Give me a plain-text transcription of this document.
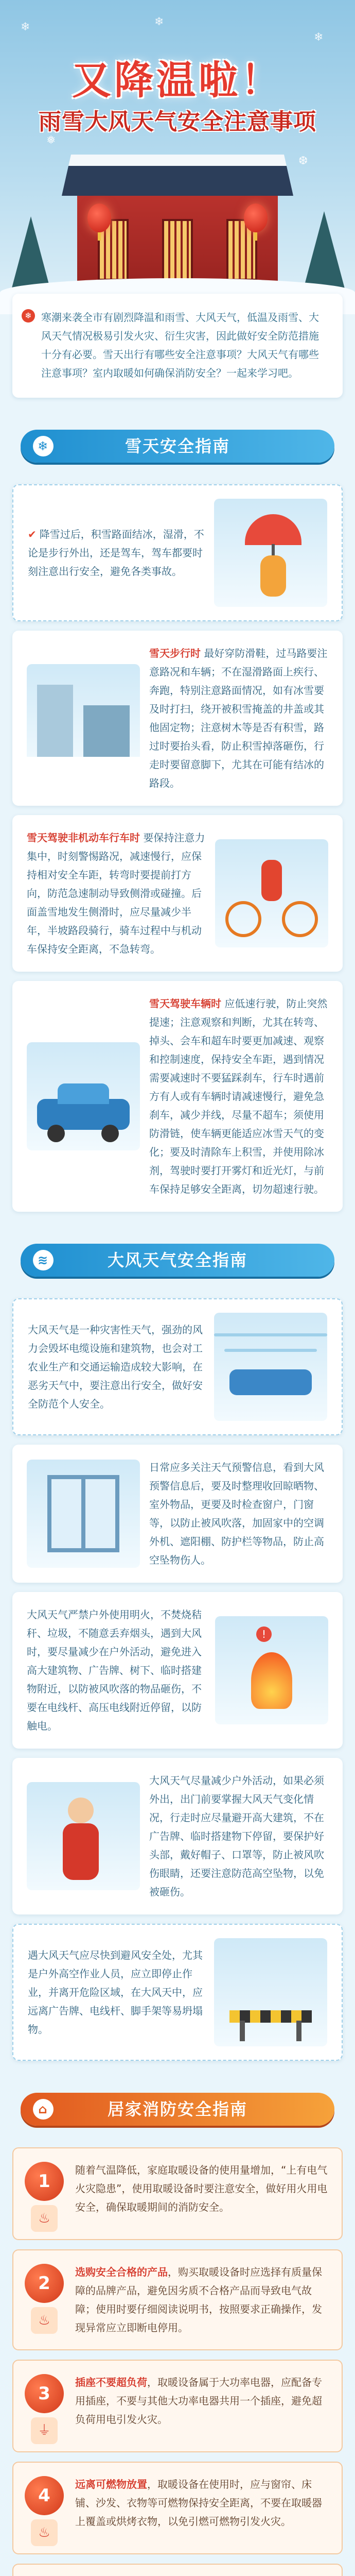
❄
❄
❅
❆
❄
又降温啦！
雨雪大风天气安全注意事项
❄ 寒潮来袭全市有剧烈降温和雨雪、大风天气，低温及雨雪、大风天气情况极易引发火灾、衍生灾害，因此做好安全防范措施十分有必要。雪天出行有哪些安全注意事项？大风天气有哪些注意事项？室内取暖如何确保消防安全？一起来学习吧。

❄	雪天安全指南

✔ 降雪过后，积雪路面结冰，湿滑，不论是步行外出，还是驾车，驾车都要时刻注意出行安全，避免各类事故。

雪天步行时 最好穿防滑鞋，过马路要注意路况和车辆；不在湿滑路面上疾行、奔跑，特别注意路面情况，如有冰雪要及时打扫，绕开被积雪掩盖的井盖或其他固定物；注意树木等是否有积雪，路过时要抬头看，防止积雪掉落砸伤，行走时要留意脚下，尤其在可能有结冰的路段。

雪天驾驶非机动车行车时 要保持注意力集中，时刻警惕路况，减速慢行，应保持相对安全车距，转弯时要提前打方向，防范急速制动导致侧滑或碰撞。后面盖雪地发生侧滑时，应尽量减少半年，半坡路段骑行，骑车过程中与机动车保持安全距离，不急转弯。

雪天驾驶车辆时 应低速行驶，防止突然提速；注意观察和判断，尤其在转弯、掉头、会车和超车时要更加减速、观察和控制速度，保持安全车距，遇到情况需要减速时不要猛踩刹车，行车时遇前方有人或有车辆时请减速慢行，避免急刹车，减少并线，尽量不超车；须使用防滑链，使车辆更能适应冰雪天气的变化；要及时清除车上积雪，并使用除冰剂，驾驶时要打开雾灯和近光灯，与前车保持足够安全距离，切勿超速行驶。

≋	大风天气安全指南

大风天气是一种灾害性天气，强劲的风力会毁坏电缆设施和建筑物，也会对工农业生产和交通运输造成较大影响，在恶劣天气中，要注意出行安全，做好安全防范个人安全。

日常应多关注天气预警信息，看到大风预警信息后，要及时整理收回晾晒物、室外物品，更要及时检查窗户，门窗等，以防止被风吹落，加固家中的空调外机、遮阳棚、防护栏等物品，防止高空坠物伤人。

大风天气严禁户外使用明火，不焚烧秸秆、垃圾，不随意丢弃烟头，遇到大风时，要尽量减少在户外活动，避免进入高大建筑物、广告牌、树下、临时搭建物附近，以防被风吹落的物品砸伤，不要在电线杆、高压电线附近停留，以防触电。

!

大风天气尽量减少户外活动，如果必须外出，出门前要掌握大风天气变化情况，行走时应尽量避开高大建筑，不在广告牌、临时搭建物下停留，要保护好头部，戴好帽子、口罩等，防止被风吹伤眼睛，还要注意防范高空坠物，以免被砸伤。

遇大风天气应尽快到避风安全处，尤其是户外高空作业人员，应立即停止作业，并离开危险区域，在大风天中，应远离广告牌、电线杆、脚手架等易坍塌物。

⌂	居家消防安全指南
1
♨

随着气温降低，家庭取暖设备的使用量增加，“上有电气火灾隐患”，使用取暖设备时要注意安全，做好用火用电安全，确保取暖期间的消防安全。

2
♨

选购安全合格的产品，购买取暖设备时应选择有质量保障的品牌产品，避免因劣质不合格产品而导致电气故障；使用时要仔细阅读说明书，按照要求正确操作，发现异常应立即断电停用。

3
⏚

插座不要超负荷，取暖设备属于大功率电器，应配备专用插座，不要与其他大功率电器共用一个插座，避免超负荷用电引发火灾。

4
♨

远离可燃物放置，取暖设备在使用时，应与窗帘、床铺、沙发、衣物等可燃物保持安全距离，不要在取暖器上覆盖或烘烤衣物，以免引燃可燃物引发火灾。
